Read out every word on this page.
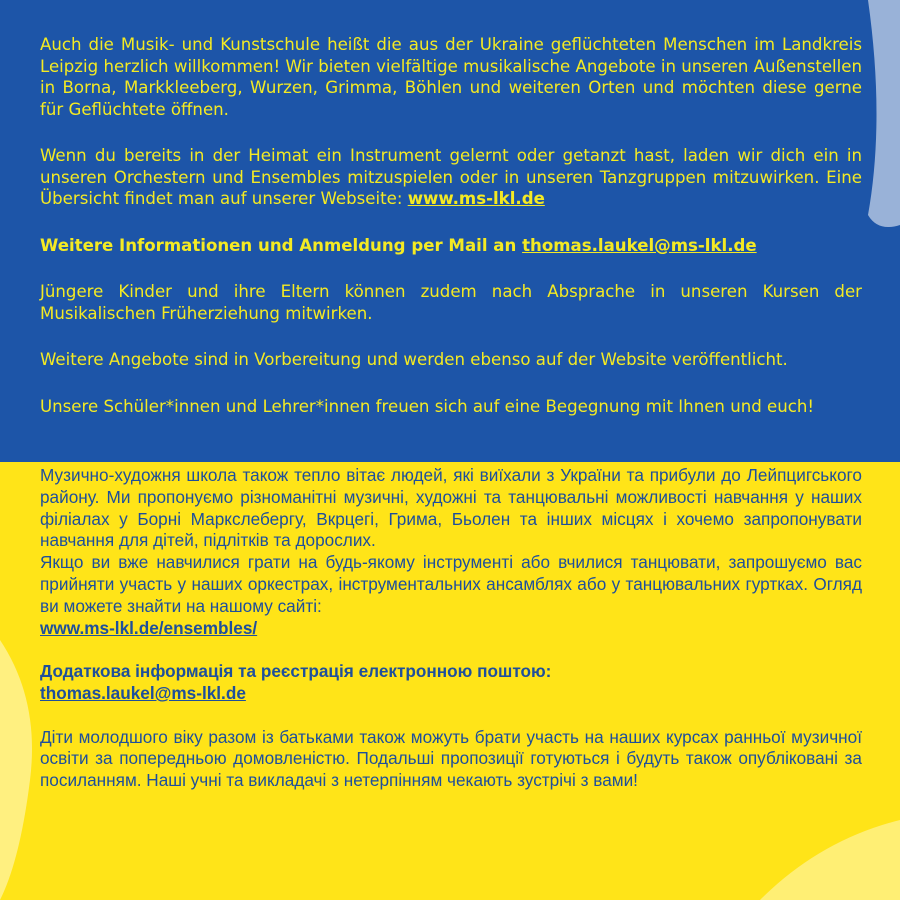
Auch die Musik- und Kunstschule heißt die aus der Ukraine geflüchteten Menschen im Landkreis Leipzig herzlich willkommen! Wir bieten vielfältige musikalische Angebote in unseren Außenstellen in Borna, Markkleeberg, Wurzen, Grimma, Böhlen und weiteren Orten und möchten diese gerne für Geflüchtete öffnen.

Wenn du bereits in der Heimat ein Instrument gelernt oder getanzt hast, laden wir dich ein in unseren Orchestern und Ensembles mitzuspielen oder in unseren Tanzgruppen mitzuwirken. Eine Übersicht findet man auf unserer Webseite: www.ms-lkl.de

Weitere Informationen und Anmeldung per Mail an thomas.laukel@ms-lkl.de

Jüngere Kinder und ihre Eltern können zudem nach Absprache in unseren Kursen der Musikalischen Früherziehung mitwirken.

Weitere Angebote sind in Vorbereitung und werden ebenso auf der Website veröffentlicht.

Unsere Schüler*innen und Lehrer*innen freuen sich auf eine Begegnung mit Ihnen und euch!

Музично-художня школа також тепло вітає людей, які виїхали з України та прибули до Лейпцигського району. Ми пропонуємо різноманітні музичні, художні та танцювальні можливості навчання у наших філіалах у Борні Маркслебергу, Вкрцегі, Грима, Бьолен та інших місцях і хочемо запропонувати навчання для дітей, підлітків та дорослих.

Якщо ви вже навчилися грати на будь-якому інструменті або вчилися танцювати, запрошуємо вас прийняти участь у наших оркестрах, інструментальних ансамблях або у танцювальних гуртках. Огляд ви можете знайти на нашому сайті:

www.ms-lkl.de/ensembles/

Додаткова інформація та реєстрація електронною поштою:

thomas.laukel@ms-lkl.de

Діти молодшого віку разом із батьками також можуть брати участь на наших курсах ранньої музичної освіти за попередньою домовленістю. Подальші пропозиції готуються і будуть також опубліковані за посиланням. Наші учні та викладачі з нетерпінням чекають зустрічі з вами!
